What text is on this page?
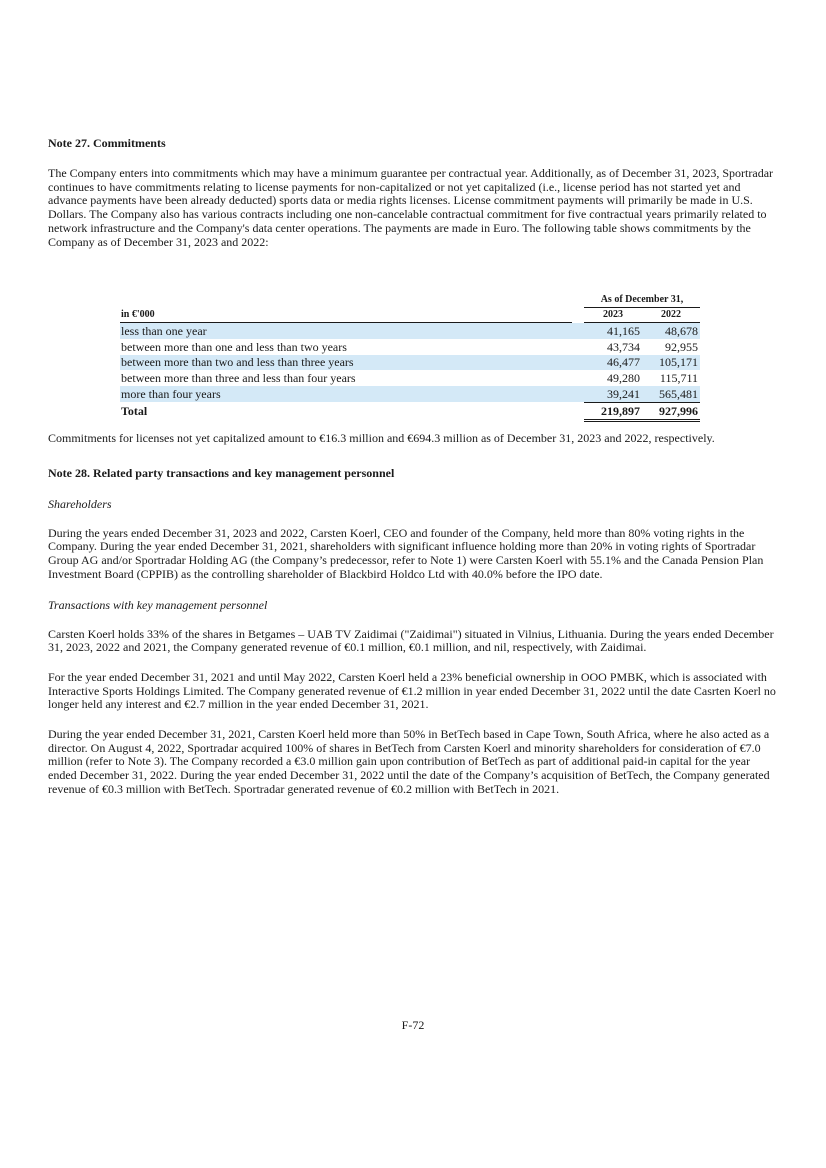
Note 27. Commitments

The Company enters into commitments which may have a minimum guarantee per contractual year. Additionally, as of December 31, 2023, Sportradar continues to have commitments relating to license payments for non-capitalized or not yet capitalized (i.e., license period has not started yet and advance payments have been already deducted) sports data or media rights licenses. License commitment payments will primarily be made in U.S. Dollars. The Company also has various contracts including one non-cancelable contractual commitment for five contractual years primarily related to network infrastructure and the Company's data center operations. The payments are made in Euro. The following table shows commitments by the Company as of December 31, 2023 and 2022:

		As of December 31,	
in €'000		2023	2022
less than one year		41,165	48,678
between more than one and less than two years		43,734	92,955
between more than two and less than three years		46,477	105,171
between more than three and less than four years		49,280	115,711
more than four years		39,241	565,481
Total		219,897	927,996

Commitments for licenses not yet capitalized amount to €16.3 million and €694.3 million as of December 31, 2023 and 2022, respectively.

Note 28. Related party transactions and key management personnel

Shareholders

During the years ended December 31, 2023 and 2022, Carsten Koerl, CEO and founder of the Company, held more than 80% voting rights in the Company. During the year ended December 31, 2021, shareholders with significant influence holding more than 20% in voting rights of Sportradar Group AG and/or Sportradar Holding AG (the Company’s predecessor, refer to Note 1) were Carsten Koerl with 55.1% and the Canada Pension Plan Investment Board (CPPIB) as the controlling shareholder of Blackbird Holdco Ltd with 40.0% before the IPO date.

Transactions with key management personnel

Carsten Koerl holds 33% of the shares in Betgames – UAB TV Zaidimai ("Zaidimai") situated in Vilnius, Lithuania. During the years ended December 31, 2023, 2022 and 2021, the Company generated revenue of €0.1 million, €0.1 million, and nil, respectively, with Zaidimai.

For the year ended December 31, 2021 and until May 2022, Carsten Koerl held a 23% beneficial ownership in OOO PMBK, which is associated with Interactive Sports Holdings Limited. The Company generated revenue of €1.2 million in year ended December 31, 2022 until the date Casrten Koerl no longer held any interest and €2.7 million in the year ended December 31, 2021.

During the year ended December 31, 2021, Carsten Koerl held more than 50% in BetTech based in Cape Town, South Africa, where he also acted as a director. On August 4, 2022, Sportradar acquired 100% of shares in BetTech from Carsten Koerl and minority shareholders for consideration of €7.0 million (refer to Note 3). The Company recorded a €3.0 million gain upon contribution of BetTech as part of additional paid-in capital for the year ended December 31, 2022. During the year ended December 31, 2022 until the date of the Company’s acquisition of BetTech, the Company generated revenue of €0.3 million with BetTech. Sportradar generated revenue of €0.2 million with BetTech in 2021.

F-72
